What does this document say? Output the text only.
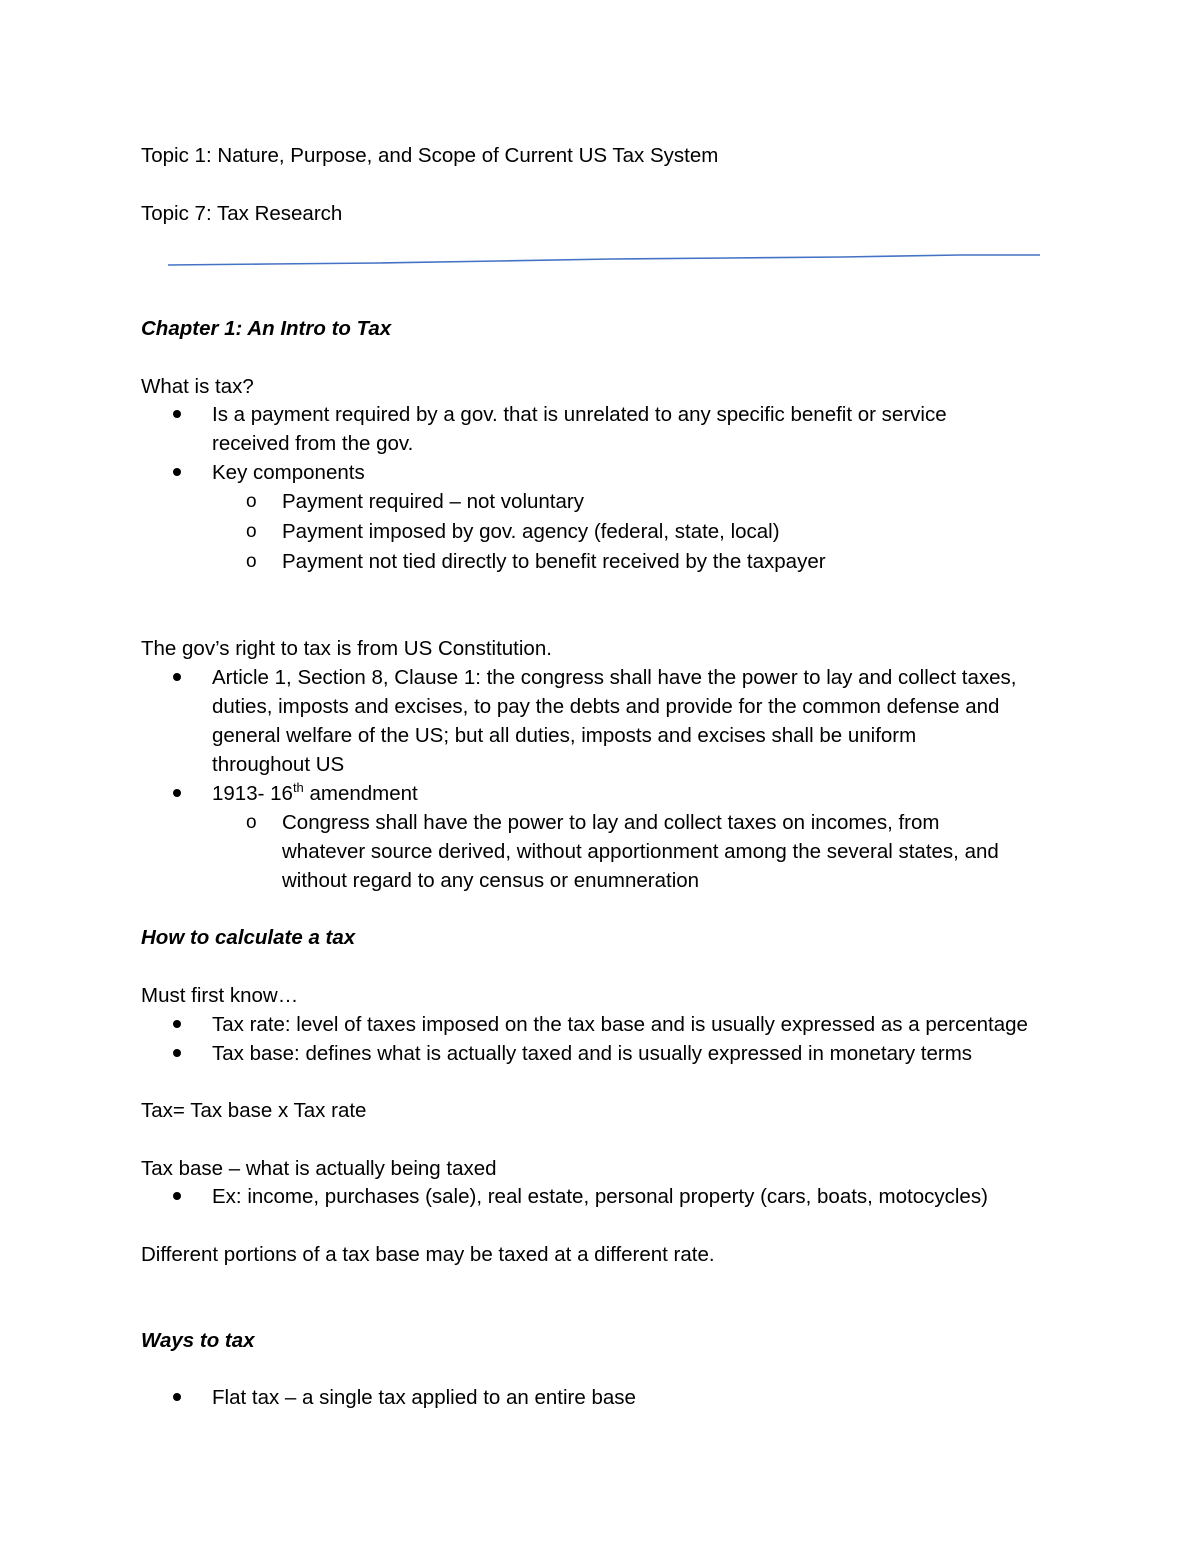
Topic 1: Nature, Purpose, and Scope of Current US Tax System
Topic 7: Tax Research
Chapter 1: An Intro to Tax
What is tax?
Is a payment required by a gov. that is unrelated to any specific benefit or service
received from the gov.
Key components
o Payment required – not voluntary
o Payment imposed by gov. agency (federal, state, local)
o Payment not tied directly to benefit received by the taxpayer
The gov’s right to tax is from US Constitution.
Article 1, Section 8, Clause 1: the congress shall have the power to lay and collect taxes,
duties, imposts and excises, to pay the debts and provide for the common defense and
general welfare of the US; but all duties, imposts and excises shall be uniform
throughout US
1913- 16th amendment
o Congress shall have the power to lay and collect taxes on incomes, from
whatever source derived, without apportionment among the several states, and
without regard to any census or enumneration
How to calculate a tax
Must first know…
Tax rate: level of taxes imposed on the tax base and is usually expressed as a percentage
Tax base: defines what is actually taxed and is usually expressed in monetary terms
Tax= Tax base x Tax rate
Tax base – what is actually being taxed
Ex: income, purchases (sale), real estate, personal property (cars, boats, motocycles)
Different portions of a tax base may be taxed at a different rate.
Ways to tax
Flat tax – a single tax applied to an entire base
